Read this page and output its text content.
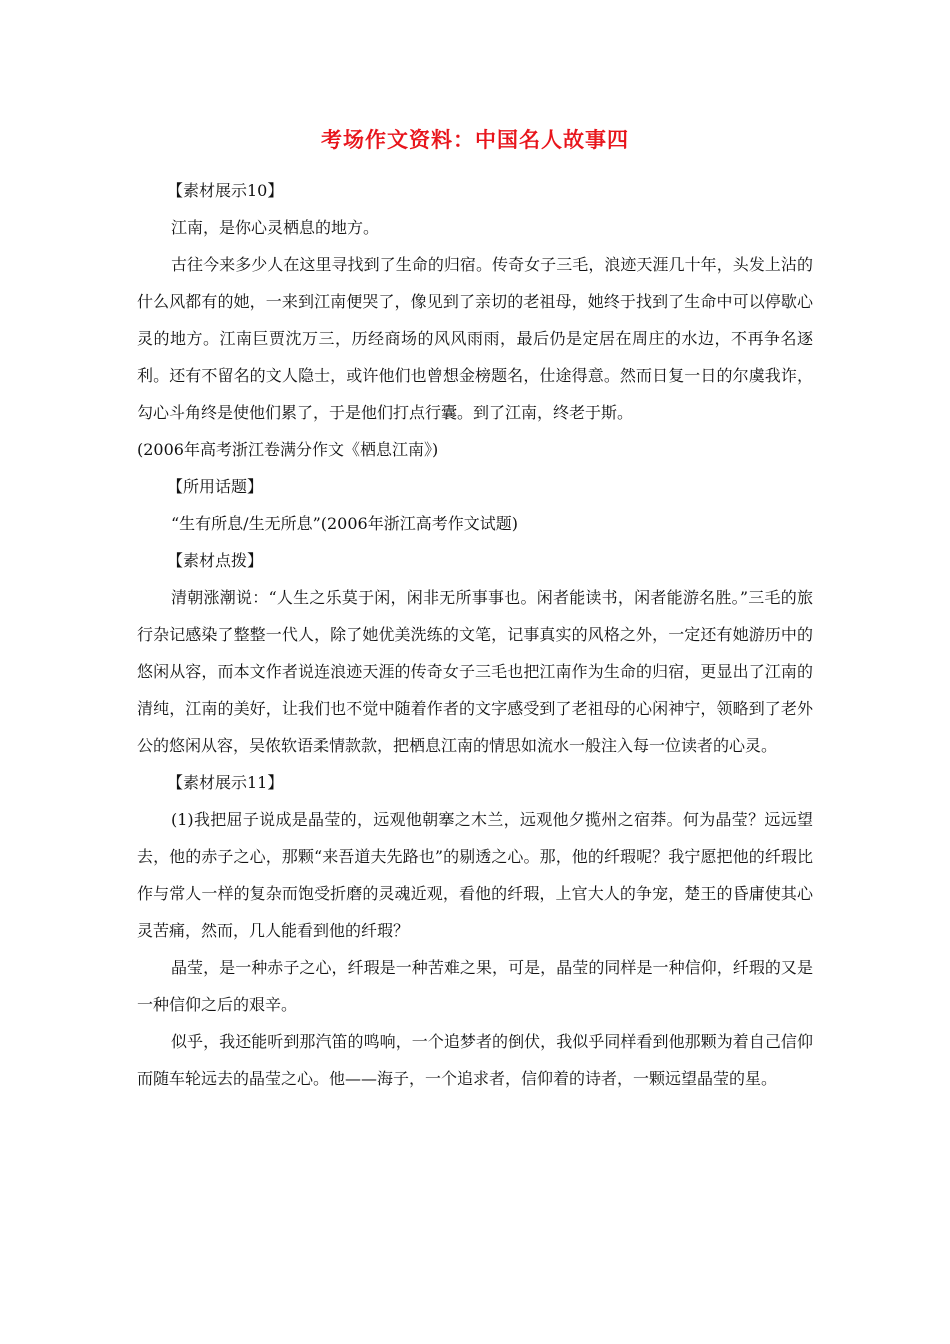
考场作文资料：中国名人故事四

【素材展示10】

江南，是你心灵栖息的地方。

古往今来多少人在这里寻找到了生命的归宿。传奇女子三毛，浪迹天涯几十年，头发上沾的什么风都有的她，一来到江南便哭了，像见到了亲切的老祖母，她终于找到了生命中可以停歇心灵的地方。江南巨贾沈万三，历经商场的风风雨雨，最后仍是定居在周庄的水边，不再争名逐利。还有不留名的文人隐士，或许他们也曾想金榜题名，仕途得意。然而日复一日的尔虞我诈，勾心斗角终是使他们累了，于是他们打点行囊。到了江南，终老于斯。

(2006年高考浙江卷满分作文《栖息江南》)

【所用话题】

“生有所息/生无所息”(2006年浙江高考作文试题)

【素材点拨】

清朝涨潮说：“人生之乐莫于闲，闲非无所事事也。闲者能读书，闲者能游名胜。”三毛的旅行杂记感染了整整一代人，除了她优美洗练的文笔，记事真实的风格之外，一定还有她游历中的悠闲从容，而本文作者说连浪迹天涯的传奇女子三毛也把江南作为生命的归宿，更显出了江南的清纯，江南的美好，让我们也不觉中随着作者的文字感受到了老祖母的心闲神宁，领略到了老外公的悠闲从容，吴侬软语柔情款款，把栖息江南的情思如流水一般注入每一位读者的心灵。

【素材展示11】

(1)我把屈子说成是晶莹的，远观他朝搴之木兰，远观他夕揽州之宿莽。何为晶莹？远远望去，他的赤子之心，那颗“来吾道夫先路也”的剔透之心。那，他的纤瑕呢？我宁愿把他的纤瑕比作与常人一样的复杂而饱受折磨的灵魂近观，看他的纤瑕，上官大人的争宠，楚王的昏庸使其心灵苦痛，然而，几人能看到他的纤瑕？

晶莹，是一种赤子之心，纤瑕是一种苦难之果，可是，晶莹的同样是一种信仰，纤瑕的又是一种信仰之后的艰辛。

似乎，我还能听到那汽笛的鸣响，一个追梦者的倒伏，我似乎同样看到他那颗为着自己信仰而随车轮远去的晶莹之心。他——海子，一个追求者，信仰着的诗者，一颗远望晶莹的星。
